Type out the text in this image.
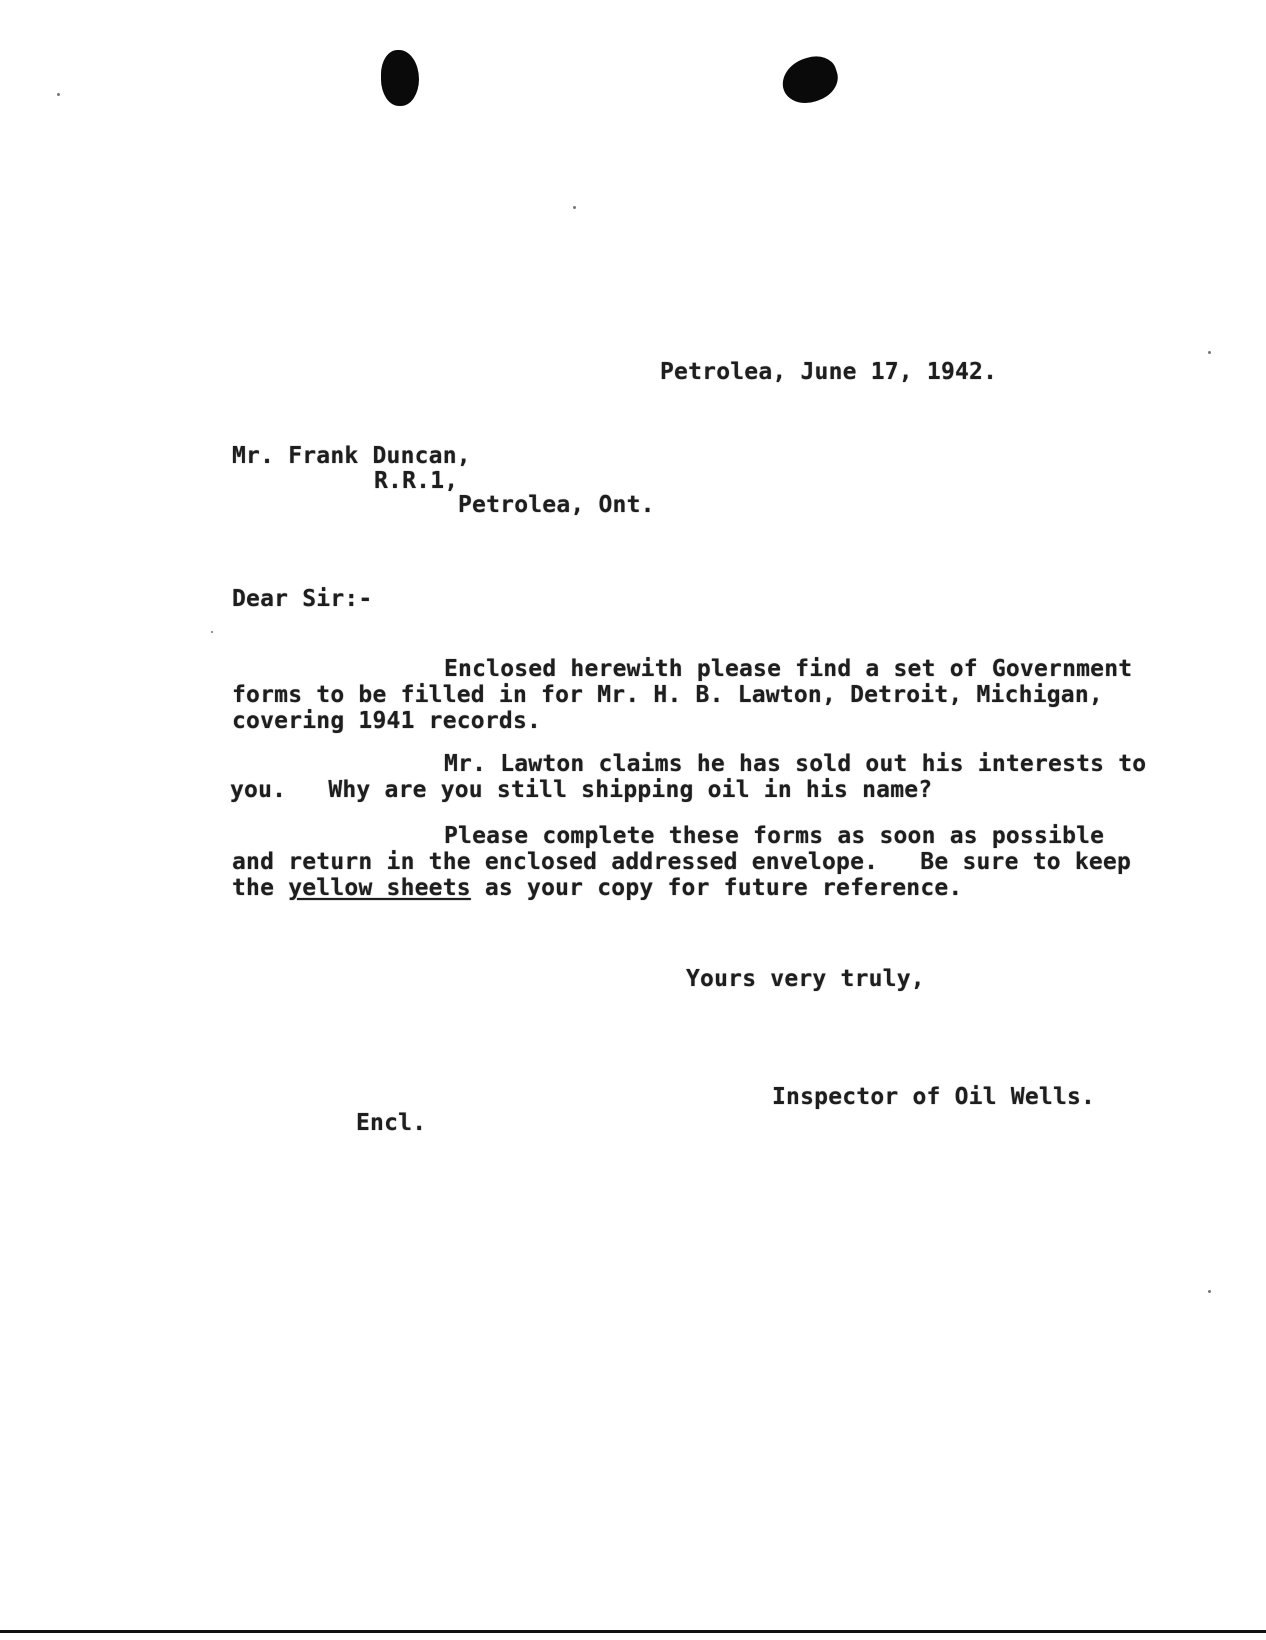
Petrolea, June 17, 1942.
Mr. Frank Duncan,
R.R.1,
Petrolea, Ont.
Dear Sir:-
Enclosed herewith please find a set of Government
forms to be filled in for Mr. H. B. Lawton, Detroit, Michigan,
covering 1941 records.
Mr. Lawton claims he has sold out his interests to
you.   Why are you still shipping oil in his name?
Please complete these forms as soon as possible
and return in the enclosed addressed envelope.   Be sure to keep
the yellow sheets as your copy for future reference.
Yours very truly,
Inspector of Oil Wells.
Encl.
